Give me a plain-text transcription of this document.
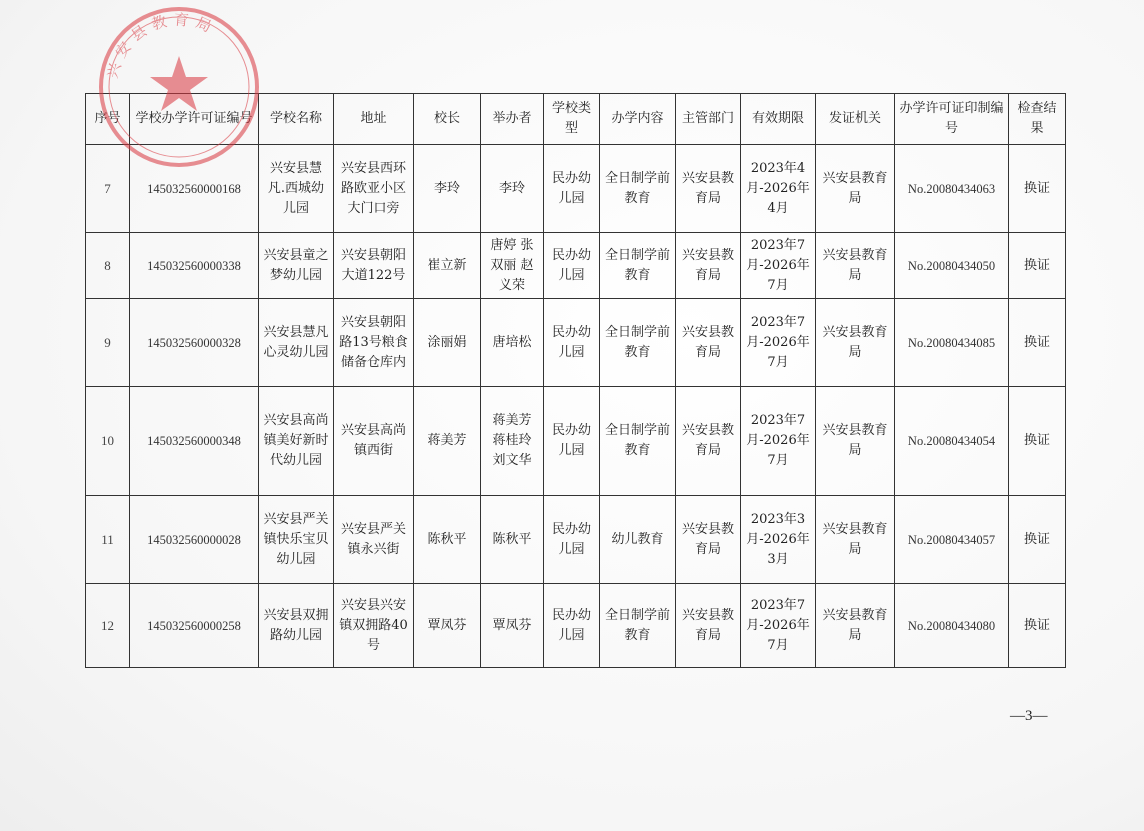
序号	学校办学许可证编号	学校名称	地址	校长	举办者	学校类型	办学内容	主管部门	有效期限	发证机关	办学许可证印制编号	检查结果
7	145032560000168	兴安县慧凡.西城幼儿园	兴安县西环路欧亚小区大门口旁	李玲	李玲	民办幼儿园	全日制学前教育	兴安县教育局	2023年4月-2026年4月	兴安县教育局	No.20080434063	换证
8	145032560000338	兴安县童之梦幼儿园	兴安县朝阳大道122号	崔立新	唐婷 张双丽 赵义荣	民办幼儿园	全日制学前教育	兴安县教育局	2023年7月-2026年7月	兴安县教育局	No.20080434050	换证
9	145032560000328	兴安县慧凡心灵幼儿园	兴安县朝阳路13号粮食储备仓库内	涂丽娟	唐培松	民办幼儿园	全日制学前教育	兴安县教育局	2023年7月-2026年7月	兴安县教育局	No.20080434085	换证
10	145032560000348	兴安县高尚镇美好新时代幼儿园	兴安县高尚镇西街	蒋美芳	蒋美芳 蒋桂玲 刘文华	民办幼儿园	全日制学前教育	兴安县教育局	2023年7月-2026年7月	兴安县教育局	No.20080434054	换证
11	145032560000028	兴安县严关镇快乐宝贝幼儿园	兴安县严关镇永兴街	陈秋平	陈秋平	民办幼儿园	幼儿教育	兴安县教育局	2023年3月-2026年3月	兴安县教育局	No.20080434057	换证
12	145032560000258	兴安县双拥路幼儿园	兴安县兴安镇双拥路40号	覃凤芬	覃凤芬	民办幼儿园	全日制学前教育	兴安县教育局	2023年7月-2026年7月	兴安县教育局	No.20080434080	换证
兴安县教育局
—3—
